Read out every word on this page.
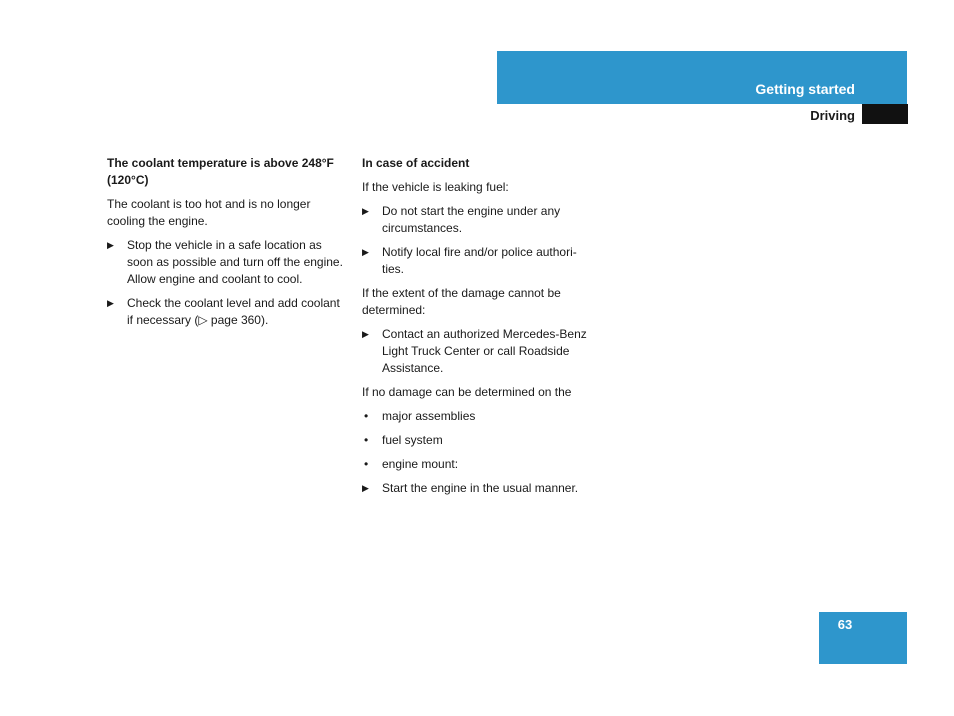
Getting started
Driving

The coolant temperature is above 248°F (120°C)

The coolant is too hot and is no longer cooling the engine.

▶	Stop the vehicle in a safe location as soon as possible and turn off the engine. Allow engine and coolant to cool.
▶	Check the coolant level and add coolant if necessary (▷ page 360).

In case of accident

If the vehicle is leaking fuel:

▶	Do not start the engine under any circumstances.
▶	Notify local fire and/or police authori-ties.

If the extent of the damage cannot be determined:

▶	Contact an authorized Mercedes-Benz Light Truck Center or call Roadside Assistance.

If no damage can be determined on the

•	major assemblies
•	fuel system
•	engine mount:
▶	Start the engine in the usual manner.
63
